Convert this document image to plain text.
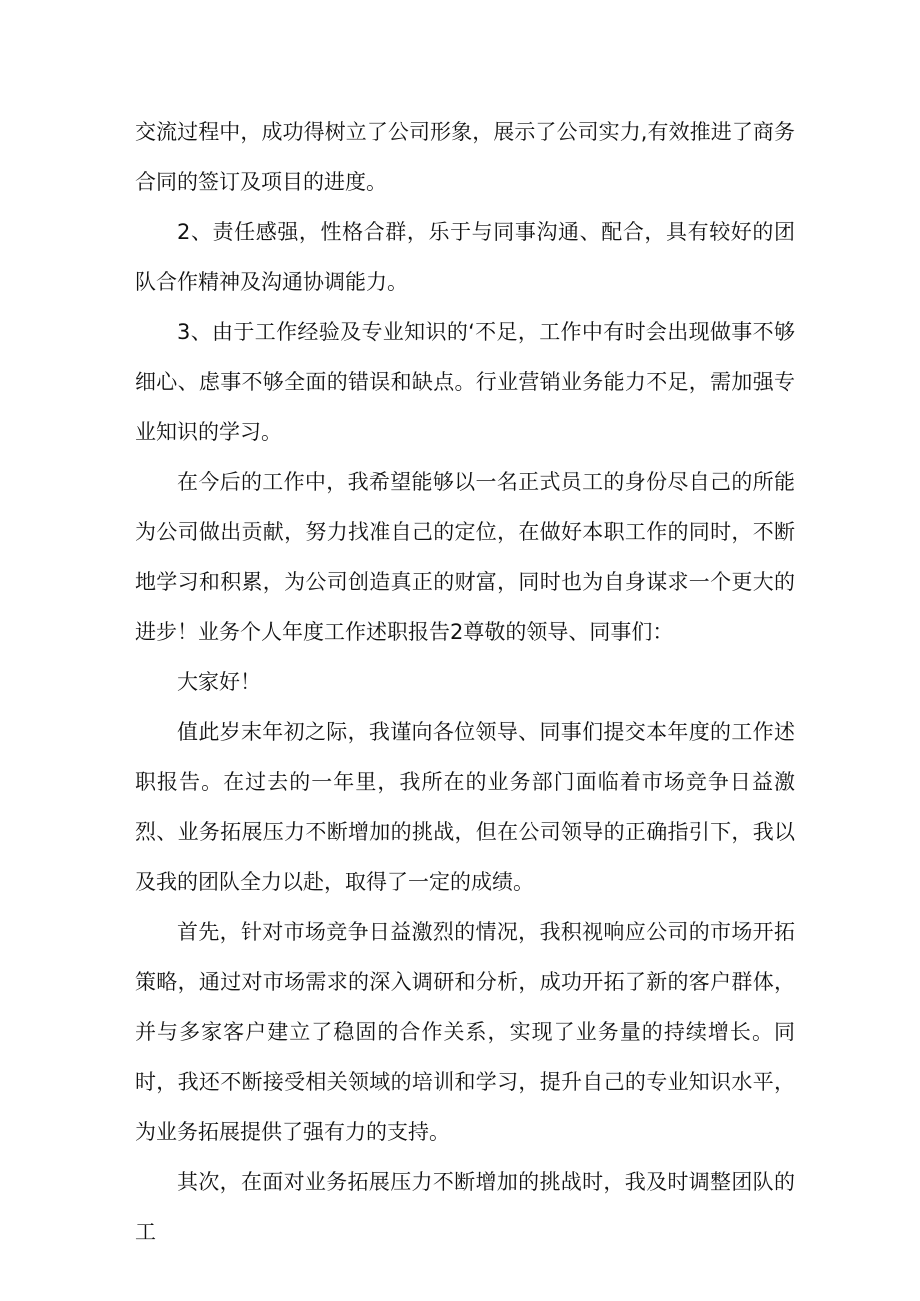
交流过程中，成功得树立了公司形象，展示了公司实力,有效推进了商务合同的签订及项目的进度。

2、责任感强，性格合群，乐于与同事沟通、配合，具有较好的团队合作精神及沟通协调能力。

3、由于工作经验及专业知识的‘不足，工作中有时会出现做事不够细心、虑事不够全面的错误和缺点。行业营销业务能力不足，需加强专业知识的学习。

在今后的工作中，我希望能够以一名正式员工的身份尽自己的所能为公司做出贡献，努力找准自己的定位，在做好本职工作的同时，不断地学习和积累，为公司创造真正的财富，同时也为自身谋求一个更大的进步！业务个人年度工作述职报告2尊敬的领导、同事们：

大家好！

值此岁末年初之际，我谨向各位领导、同事们提交本年度的工作述职报告。在过去的一年里，我所在的业务部门面临着市场竞争日益激烈、业务拓展压力不断增加的挑战，但在公司领导的正确指引下，我以及我的团队全力以赴，取得了一定的成绩。

首先，针对市场竞争日益激烈的情况，我积视响应公司的市场开拓策略，通过对市场需求的深入调研和分析，成功开拓了新的客户群体，并与多家客户建立了稳固的合作关系，实现了业务量的持续增长。同时，我还不断接受相关领域的培训和学习，提升自己的专业知识水平，为业务拓展提供了强有力的支持。

其次，在面对业务拓展压力不断增加的挑战时，我及时调整团队的工
